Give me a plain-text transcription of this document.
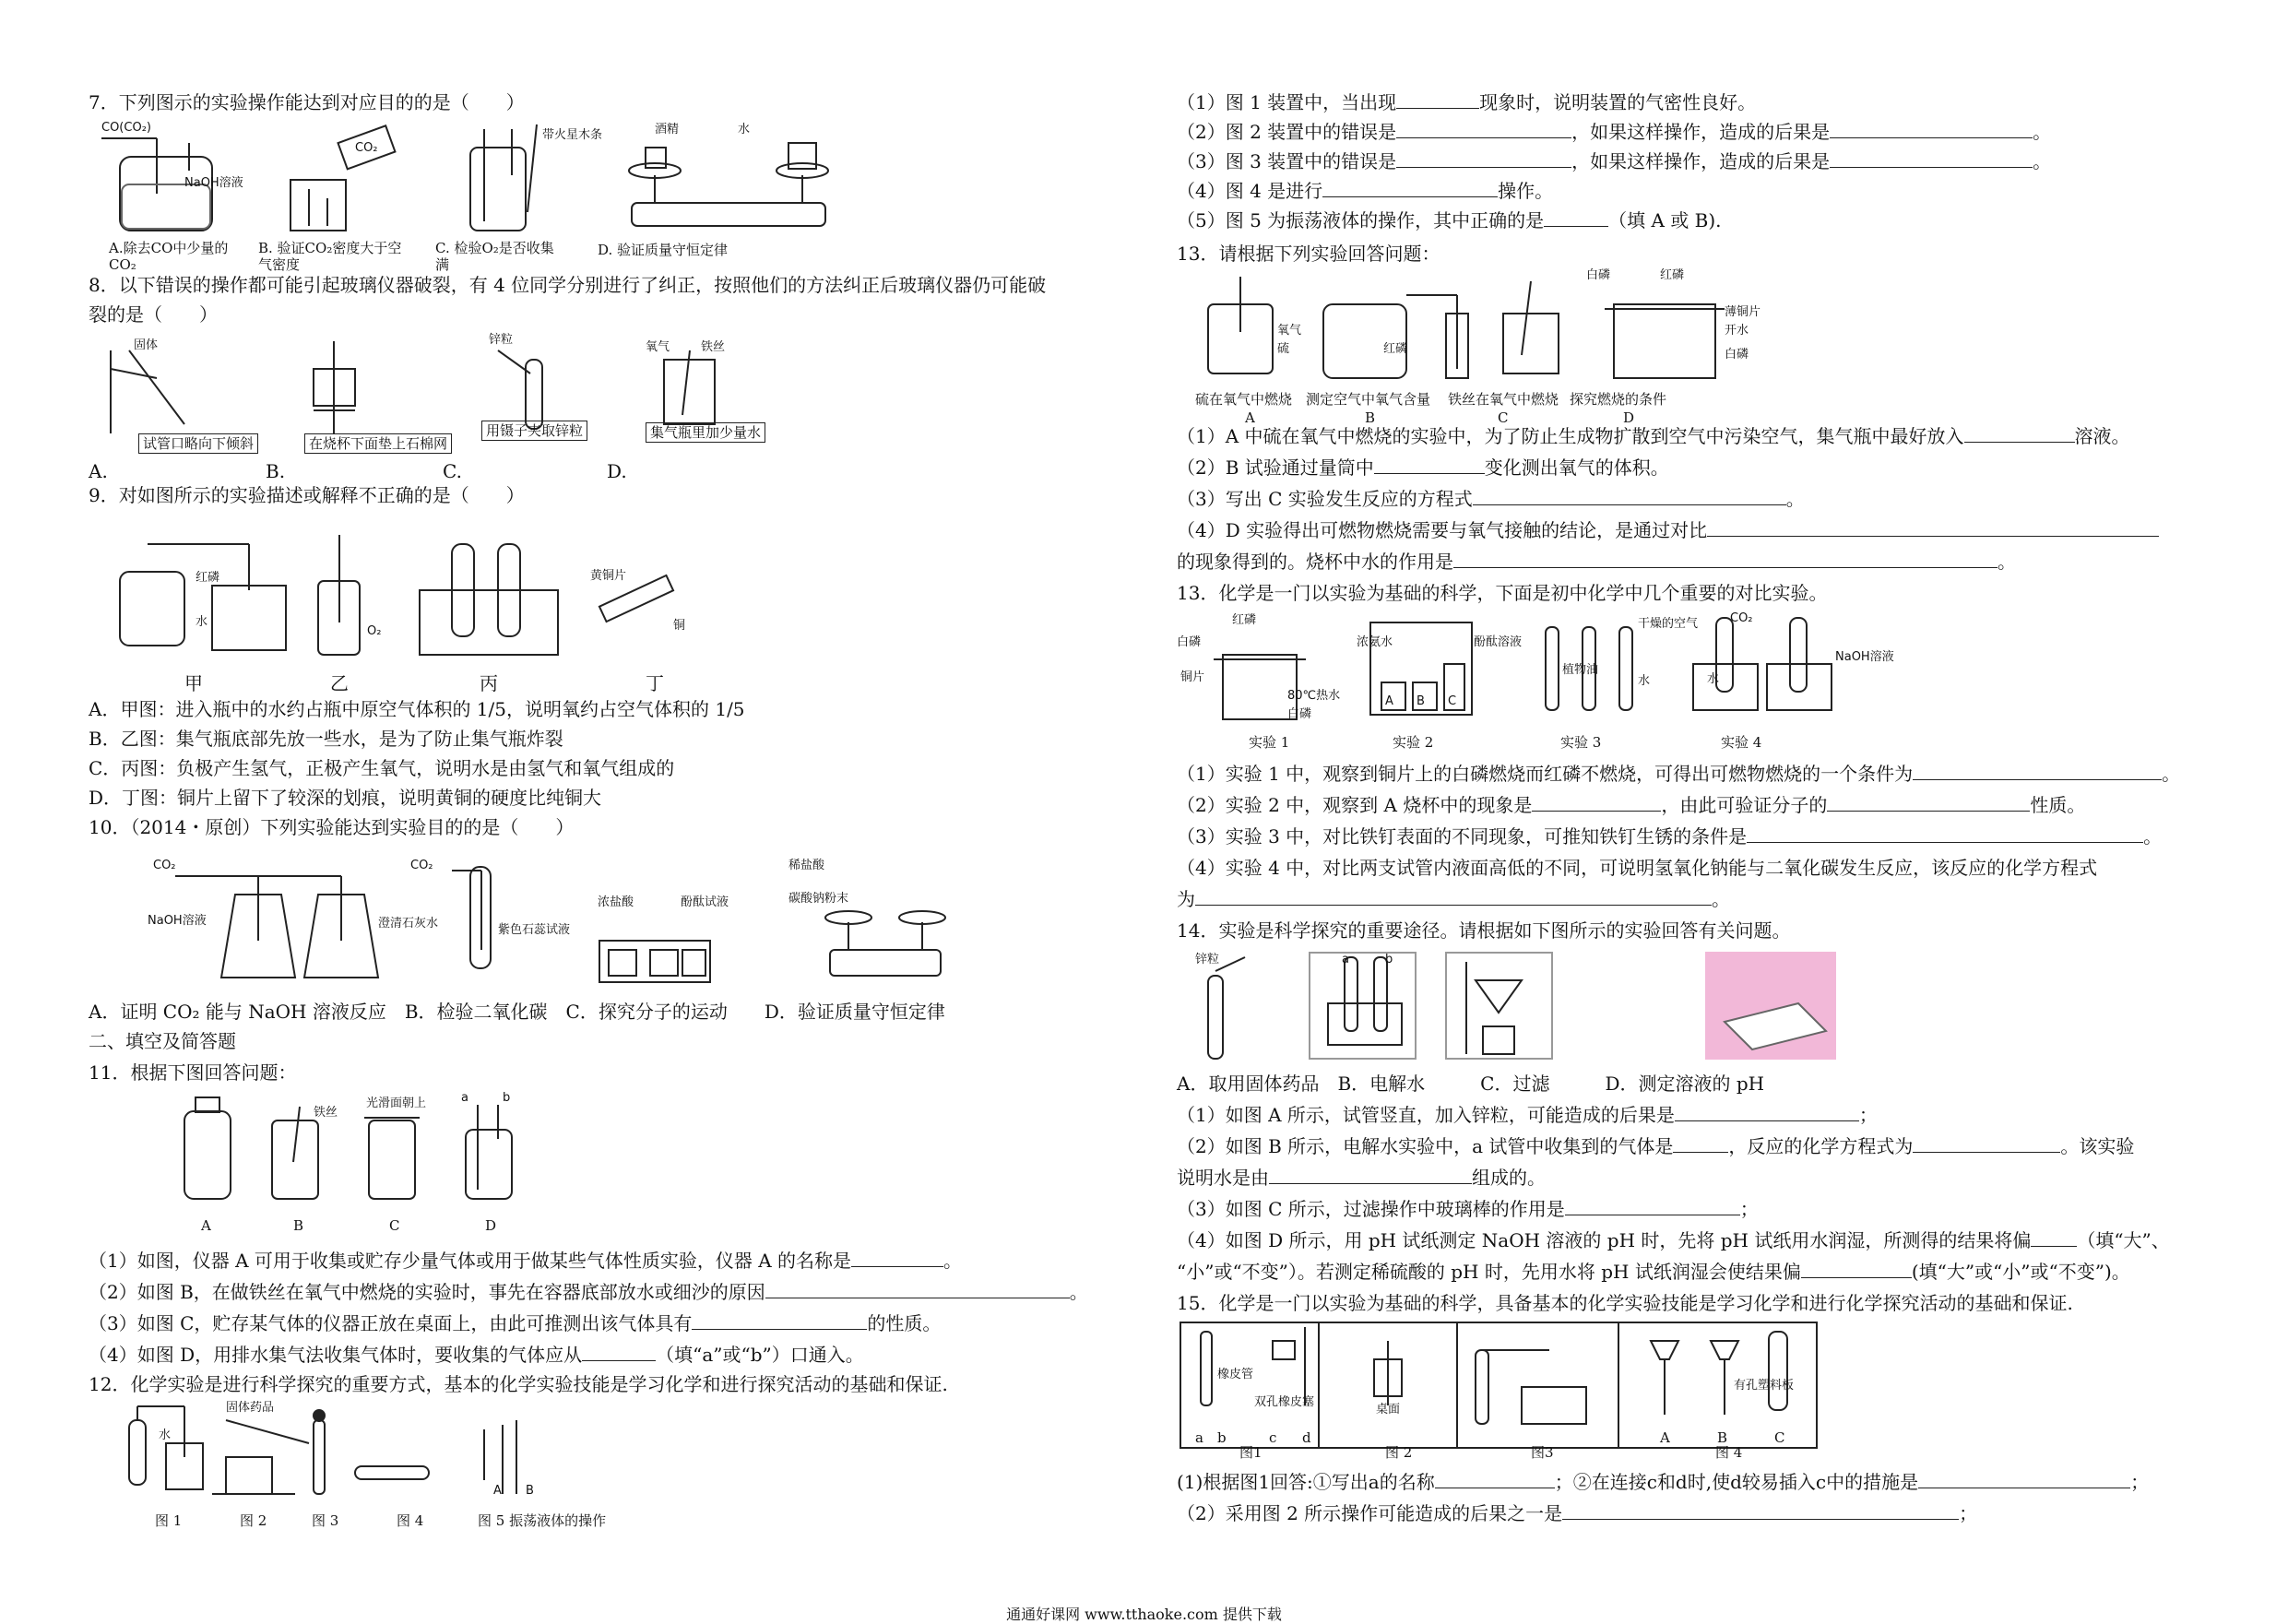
7．下列图示的实验操作能达到对应目的的是（　　）
CO(CO₂)
NaOH溶液
CO₂
带火星木条	酒精	水
A.除去CO中少量的CO₂
B. 验证CO₂密度大于空气密度
C. 检验O₂是否收集满
D. 验证质量守恒定律
8．以下错误的操作都可能引起玻璃仪器破裂，有 4 位同学分别进行了纠正，按照他们的方法纠正后玻璃仪器仍可能破
裂的是（　　）
固体	锌粒
氧气	铁丝
A.
试管口略向下倾斜
B.
在烧杯下面垫上石棉网
C.
用镊子夹取锌粒
D.
集气瓶里加少量水
9．对如图所示的实验描述或解释不正确的是（　　）
红磷
水
O₂
黄铜片
铜
甲	乙	丙	丁
A．甲图：进入瓶中的水约占瓶中原空气体积的 1/5，说明氧约占空气体积的 1/5
B．乙图：集气瓶底部先放一些水，是为了防止集气瓶炸裂
C．丙图：负极产生氢气，正极产生氧气，说明水是由氢气和氧气组成的
D．丁图：铜片上留下了较深的划痕，说明黄铜的硬度比纯铜大
10．（2014・原创）下列实验能达到实验目的的是（　　）
CO₂
NaOH溶液	澄清石灰水
CO₂
紫色石蕊试液
浓盐酸	酚酞试液
稀盐酸
碳酸钠粉末
A．证明 CO₂ 能与 NaOH 溶液反应　B．检验二氧化碳　C．探究分子的运动　　D．验证质量守恒定律
二、填空及简答题
11．根据下图回答问题：
铁丝
光滑面朝上	a	b
A	B	C	D
（1）如图，仪器 A 可用于收集或贮存少量气体或用于做某些气体性质实验，仪器 A 的名称是	。
（2）如图 B，在做铁丝在氧气中燃烧的实验时，事先在容器底部放水或细沙的原因	。
（3）如图 C，贮存某气体的仪器正放在桌面上，由此可推测出该气体具有	的性质。
（4）如图 D，用排水集气法收集气体时，要收集的气体应从	（填“a”或“b”）口通入。
12．化学实验是进行科学探究的重要方式，基本的化学实验技能是学习化学和进行探究活动的基础和保证.
水
固体药品
A B
图 1	图 2	图 3	图 4	图 5 振荡液体的操作
（1）图 1 装置中，当出现	现象时，说明装置的气密性良好。
（2）图 2 装置中的错误是	，如果这样操作，造成的后果是	。
（3）图 3 装置中的错误是	，如果这样操作，造成的后果是	。
（4）图 4 是进行	操作。
（5）图 5 为振荡液体的操作，其中正确的是	（填 A 或 B).
13．请根据下列实验回答问题：
氧气
硫	红磷
白磷	红磷
薄铜片
开水
白磷
硫在氧气中燃烧 测定空气中氧气含量 铁丝在氧气中燃烧 探究燃烧的条件
A	B	C	D
（1）A 中硫在氧气中燃烧的实验中，为了防止生成物扩散到空气中污染空气，集气瓶中最好放入	溶液。
（2）B 试验通过量筒中	变化测出氧气的体积。
（3）写出 C 实验发生反应的方程式	。
（4）D 实验得出可燃物燃烧需要与氧气接触的结论，是通过对比
的现象得到的。烧杯中水的作用是	。
13．化学是一门以实验为基础的科学，下面是初中化学中几个重要的对比实验。
红磷
白磷
铜片
80℃热水
白磷
浓氨水	酚酞溶液
A B C
干燥的空气
水
植物油
CO₂
NaOH溶液
水
实验 1	实验 2	实验 3	实验 4
（1）实验 1 中，观察到铜片上的白磷燃烧而红磷不燃烧，可得出可燃物燃烧的一个条件为	。
（2）实验 2 中，观察到 A 烧杯中的现象是	，由此可验证分子的	性质。
（3）实验 3 中，对比铁钉表面的不同现象，可推知铁钉生锈的条件是	。
（4）实验 4 中，对比两支试管内液面高低的不同，可说明氢氧化钠能与二氧化碳发生反应，该反应的化学方程式
为	。
14．实验是科学探究的重要途径。请根据如下图所示的实验回答有关问题。
锌粒	a	b
A．取用固体药品　B．电解水　　　C．过滤　　　D．测定溶液的 pH
（1）如图 A 所示，试管竖直，加入锌粒，可能造成的后果是	；
（2）如图 B 所示，电解水实验中，a 试管中收集到的气体是	，反应的化学方程式为	。该实验
说明水是由	组成的。
（3）如图 C 所示，过滤操作中玻璃棒的作用是	；
（4）如图 D 所示，用 pH 试纸测定 NaOH 溶液的 pH 时，先将 pH 试纸用水润湿，所测得的结果将偏	（填“大”、
“小”或“不变”）。若测定稀硫酸的 pH 时，先用水将 pH 试纸润湿会使结果偏	(填“大”或“小”或“不变”)。
15．化学是一门以实验为基础的科学，具备基本的化学实验技能是学习化学和进行化学探究活动的基础和保证.
橡皮管
双孔橡皮塞
桌面
有孔塑料板
a b	c d
图1	图 2	图3
A	B	C
图 4
(1)根据图1回答:①写出a的名称	；②在连接c和d时,使d较易插入c中的措施是	；
（2）采用图 2 所示操作可能造成的后果之一是	；
通通好课网 www.tthaoke.com 提供下载
